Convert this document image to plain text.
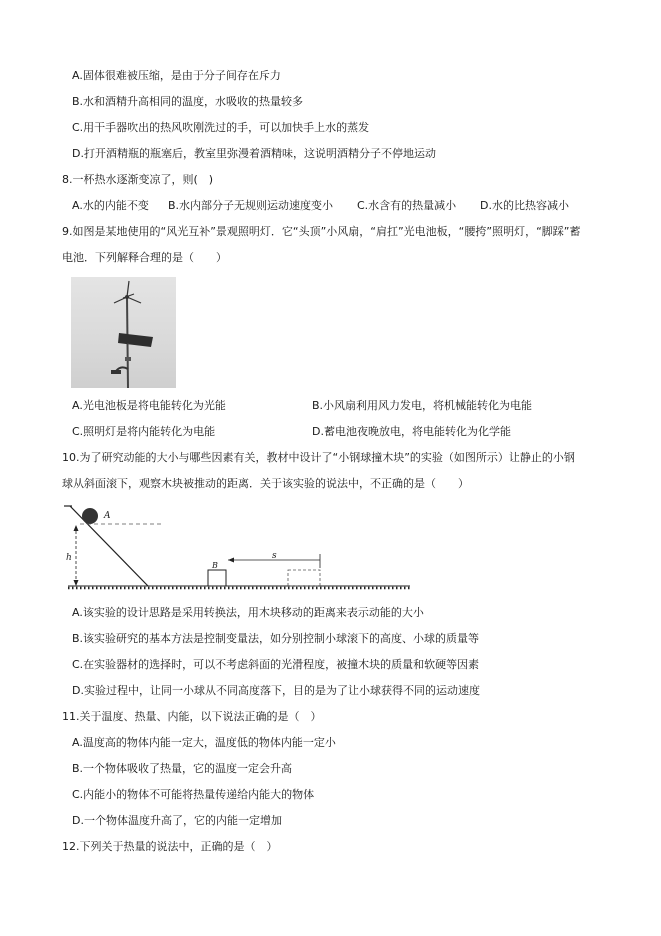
A.固体很难被压缩，是由于分子间存在斥力
B.水和酒精升高相同的温度，水吸收的热量较多
C.用干手器吹出的热风吹刚洗过的手，可以加快手上水的蒸发
D.打开酒精瓶的瓶塞后，教室里弥漫着酒精味，这说明酒精分子不停地运动
8.一杯热水逐渐变凉了，则(　)
A.水的内能不变 B.水内部分子无规则运动速度变小 C.水含有的热量减小 D.水的比热容减小
9.如图是某地使用的“风光互补”景观照明灯．它“头顶”小风扇，“肩扛”光电池板，“腰挎”照明灯，“脚踩”蓄
电池．下列解释合理的是（　　）
A.光电池板是将电能转化为光能	B.小风扇利用风力发电，将机械能转化为电能
C.照明灯是将内能转化为电能	D.蓄电池夜晚放电，将电能转化为化学能
10.为了研究动能的大小与哪些因素有关，教材中设计了“小钢球撞木块”的实验（如图所示）让静止的小钢
球从斜面滚下，观察木块被推动的距离．关于该实验的说法中，不正确的是（　　）
A
h
B
s
A.该实验的设计思路是采用转换法，用木块移动的距离来表示动能的大小
B.该实验研究的基本方法是控制变量法，如分别控制小球滚下的高度、小球的质量等
C.在实验器材的选择时，可以不考虑斜面的光滑程度，被撞木块的质量和软硬等因素
D.实验过程中，让同一小球从不同高度落下，目的是为了让小球获得不同的运动速度
11.关于温度、热量、内能，以下说法正确的是（　）
A.温度高的物体内能一定大，温度低的物体内能一定小
B.一个物体吸收了热量，它的温度一定会升高
C.内能小的物体不可能将热量传递给内能大的物体
D.一个物体温度升高了，它的内能一定增加
12.下列关于热量的说法中，正确的是（　）
